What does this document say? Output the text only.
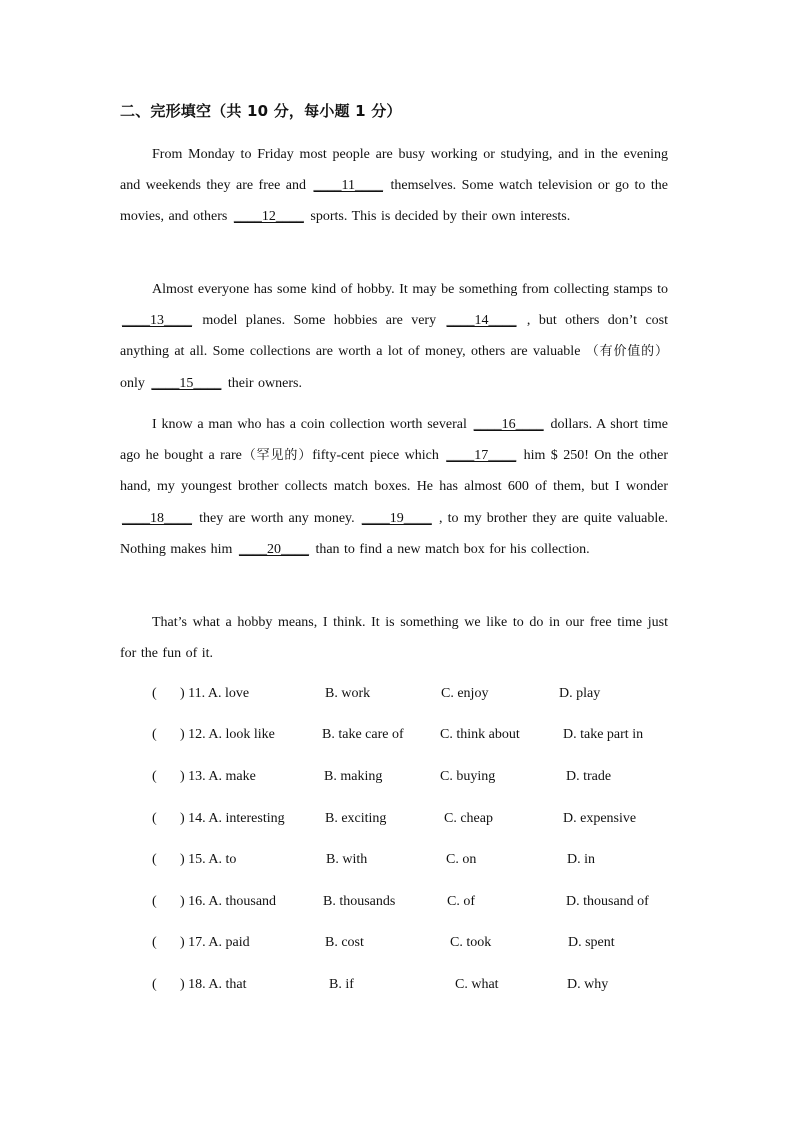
二、完形填空（共 10 分，每小题 1 分）
From Monday to Friday most people are busy working or studying, and in the evening and weekends they are free and ____11____ themselves. Some watch television or go to the movies, and others ____12____ sports. This is decided by their own interests.
Almost everyone has some kind of hobby. It may be something from collecting stamps to ____13____ model planes. Some hobbies are very ____14____ , but others don’t cost anything at all. Some collections are worth a lot of money, others are valuable （有价值的）only ____15____ their owners.
I know a man who has a coin collection worth several ____16____ dollars. A short time ago he bought a rare（罕见的）fifty-cent piece which ____17____ him $ 250! On the other hand, my youngest brother collects match boxes. He has almost 600 of them, but I wonder ____18____ they are worth any money. ____19____ , to my brother they are quite valuable. Nothing makes him ____20____ than to find a new match box for his collection.
That’s what a hobby means, I think. It is something we like to do in our free time just for the fun of it.
( ) 11. A. love	B. work	C. enjoy	D. play
( ) 12. A. look like	B. take care of	C. think about	D. take part in
( ) 13. A. make	B. making	C. buying	D. trade
( ) 14. A. interesting	B. exciting	C. cheap	D. expensive
( ) 15. A. to	B. with	C. on	D. in
( ) 16. A. thousand	B. thousands	C. of	D. thousand of
( ) 17. A. paid	B. cost	C. took	D. spent
( ) 18. A. that	B. if	C. what	D. why
